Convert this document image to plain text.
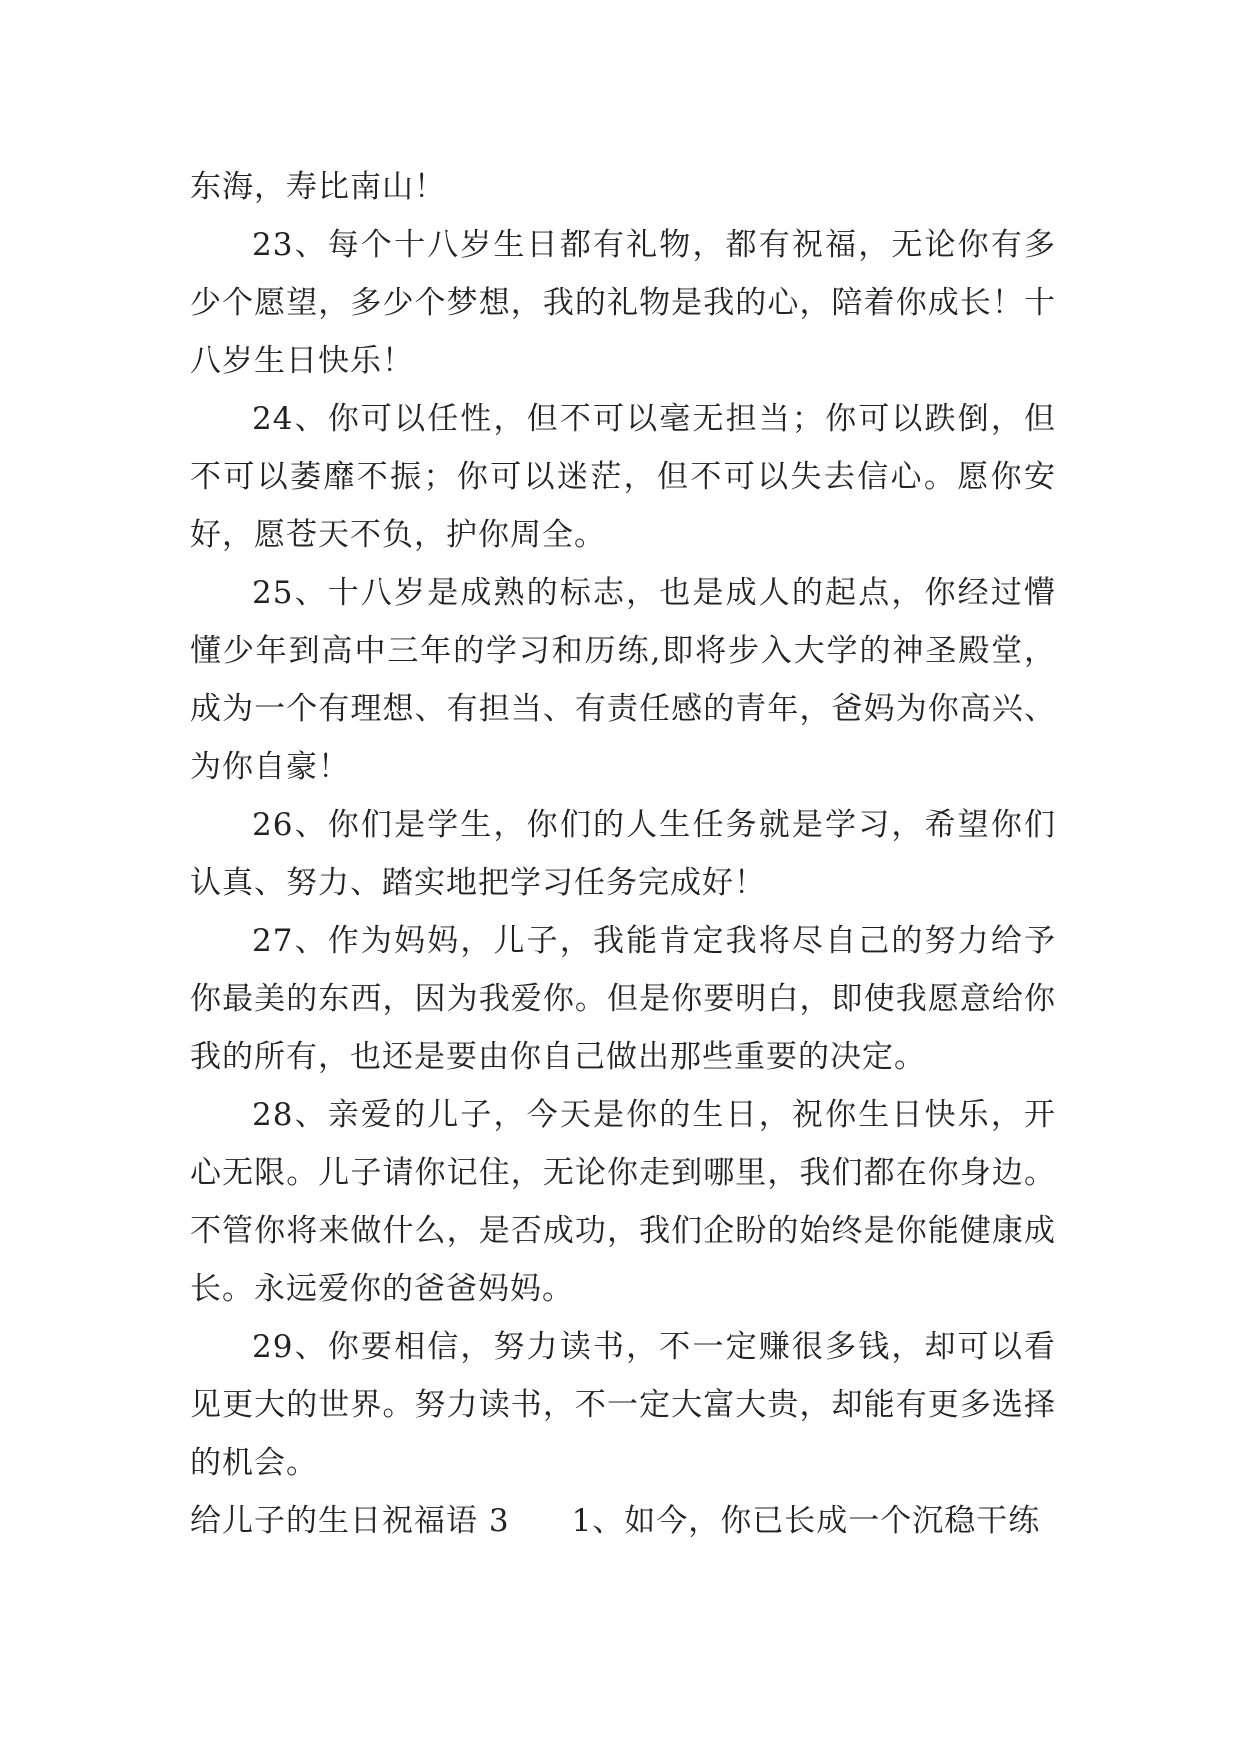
东海，寿比南山！

23、每个十八岁生日都有礼物，都有祝福，无论你有多少个愿望，多少个梦想，我的礼物是我的心，陪着你成长！十八岁生日快乐！

24、你可以任性，但不可以毫无担当；你可以跌倒，但不可以萎靡不振；你可以迷茫，但不可以失去信心。愿你安好，愿苍天不负，护你周全。

25、十八岁是成熟的标志，也是成人的起点，你经过懵懂少年到高中三年的学习和历练,即将步入大学的神圣殿堂，成为一个有理想、有担当、有责任感的青年，爸妈为你高兴、为你自豪！

26、你们是学生，你们的人生任务就是学习，希望你们认真、努力、踏实地把学习任务完成好！

27、作为妈妈，儿子，我能肯定我将尽自己的努力给予你最美的东西，因为我爱你。但是你要明白，即使我愿意给你我的所有，也还是要由你自己做出那些重要的决定。

28、亲爱的儿子，今天是你的生日，祝你生日快乐，开心无限。儿子请你记住，无论你走到哪里，我们都在你身边。不管你将来做什么，是否成功，我们企盼的始终是你能健康成长。永远爱你的爸爸妈妈。

29、你要相信，努力读书，不一定赚很多钱，却可以看见更大的世界。努力读书，不一定大富大贵，却能有更多选择的机会。

给儿子的生日祝福语 3 1、如今，你已长成一个沉稳干练
